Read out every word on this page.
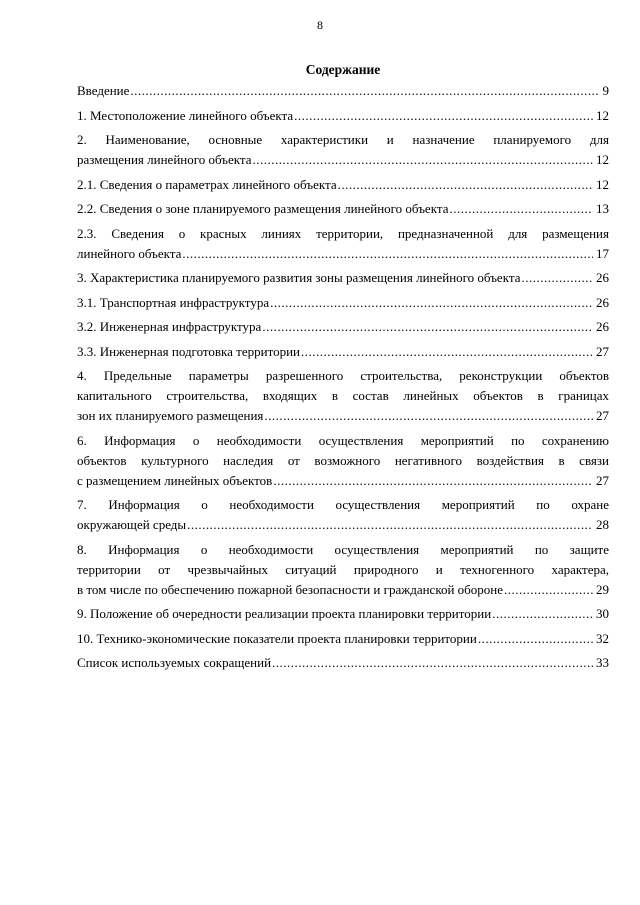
8
Содержание
Введение .....	9
1. Местоположение линейного объекта .....	12
2. Наименование, основные характеристики и назначение планируемого для
размещения линейного объекта .....	12
2.1. Сведения о параметрах линейного объекта .....	12
2.2. Сведения о зоне планируемого размещения линейного объекта .....	13
2.3. Сведения о красных линиях территории, предназначенной для размещения
линейного объекта .....	17
3. Характеристика планируемого развития зоны размещения линейного объекта .....	26
3.1. Транспортная инфраструктура .....	26
3.2. Инженерная инфраструктура .....	26
3.3. Инженерная подготовка территории .....	27
4. Предельные параметры разрешенного строительства, реконструкции объектов
капитального строительства, входящих в состав линейных объектов в границах
зон их планируемого размещения .....	27
6. Информация о необходимости осуществления мероприятий по сохранению
объектов культурного наследия от возможного негативного воздействия в связи
с размещением линейных объектов .....	27
7. Информация о необходимости осуществления мероприятий по охране
окружающей среды .....	28
8. Информация о необходимости осуществления мероприятий по защите
территории от чрезвычайных ситуаций природного и техногенного характера,
в том числе по обеспечению пожарной безопасности и гражданской обороне .....	29
9. Положение об очередности реализации проекта планировки территории .....	30
10. Технико-экономические показатели проекта планировки территории .....	32
Список используемых сокращений .....	33
